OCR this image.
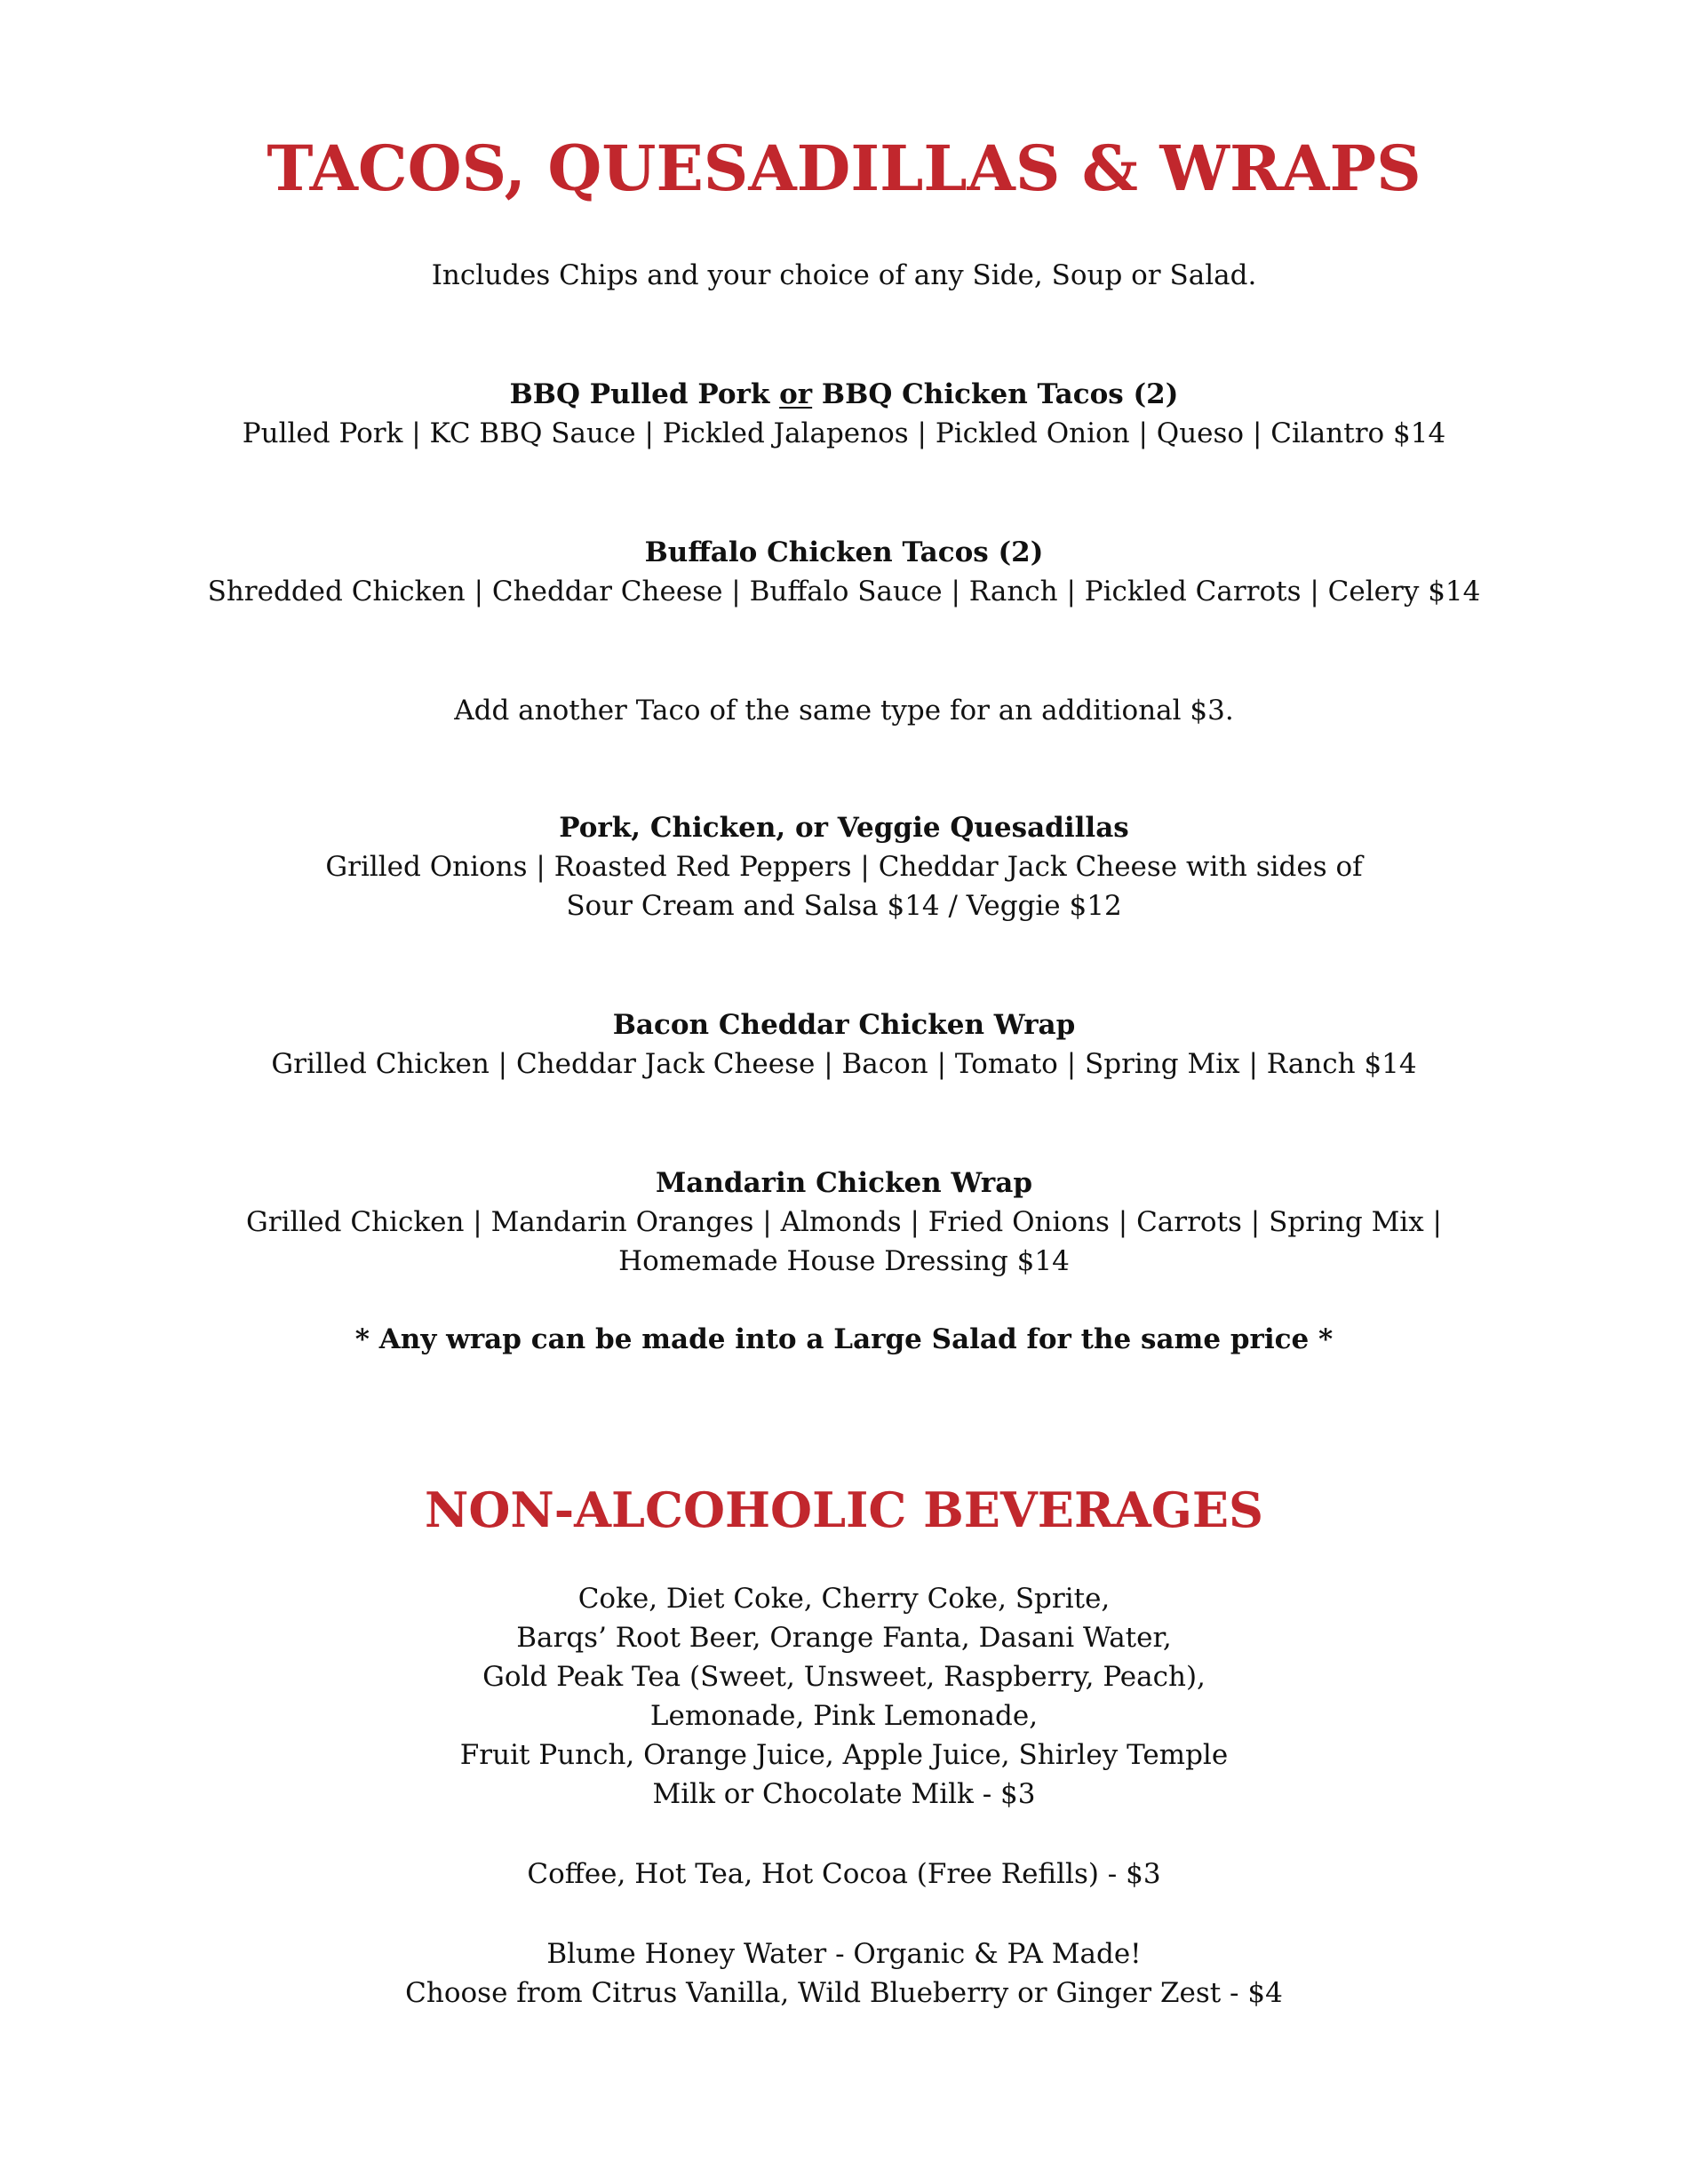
TACOS, QUESADILLAS & WRAPS
Includes Chips and your choice of any Side, Soup or Salad.
BBQ Pulled Pork or BBQ Chicken Tacos (2)
Pulled Pork | KC BBQ Sauce | Pickled Jalapenos | Pickled Onion | Queso | Cilantro $14
Buffalo Chicken Tacos (2)
Shredded Chicken | Cheddar Cheese | Buffalo Sauce | Ranch | Pickled Carrots | Celery $14
Add another Taco of the same type for an additional $3.
Pork, Chicken, or Veggie Quesadillas
Grilled Onions | Roasted Red Peppers | Cheddar Jack Cheese with sides of
Sour Cream and Salsa $14 / Veggie $12
Bacon Cheddar Chicken Wrap
Grilled Chicken | Cheddar Jack Cheese | Bacon | Tomato | Spring Mix | Ranch $14
Mandarin Chicken Wrap
Grilled Chicken | Mandarin Oranges | Almonds | Fried Onions | Carrots | Spring Mix |
Homemade House Dressing $14
* Any wrap can be made into a Large Salad for the same price *
NON-ALCOHOLIC BEVERAGES
Coke, Diet Coke, Cherry Coke, Sprite,
Barqs’ Root Beer, Orange Fanta, Dasani Water,
Gold Peak Tea (Sweet, Unsweet, Raspberry, Peach),
Lemonade, Pink Lemonade,
Fruit Punch, Orange Juice, Apple Juice, Shirley Temple
Milk or Chocolate Milk - $3
Coffee, Hot Tea, Hot Cocoa (Free Refills) - $3
Blume Honey Water - Organic & PA Made!
Choose from Citrus Vanilla, Wild Blueberry or Ginger Zest - $4
